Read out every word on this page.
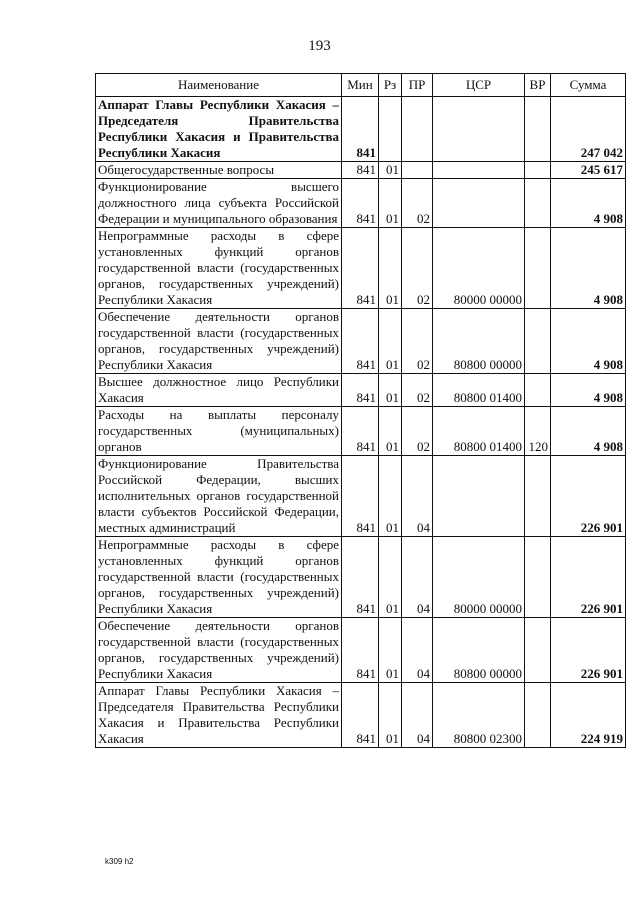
193
Наименование	Мин	Рз	ПР	ЦСР	ВР	Сумма
Аппарат Главы Республики Хакасия – Председателя Правительства Республики Хакасия и Правительства Республики Хакасия	841					247 042
Общегосударственные вопросы	841	01				245 617
Функционирование высшего должностного лица субъекта Российской Федерации и муниципального образования	841	01	02			4 908
Непрограммные расходы в сфере установленных функций органов государственной власти (государственных органов, государственных учреждений) Республики Хакасия	841	01	02	80000 00000		4 908
Обеспечение деятельности органов государственной власти (государственных органов, государственных учреждений) Республики Хакасия	841	01	02	80800 00000		4 908
Высшее должностное лицо Республики Хакасия	841	01	02	80800 01400		4 908
Расходы на выплаты персоналу государственных (муниципальных) органов	841	01	02	80800 01400	120	4 908
Функционирование Правительства Российской Федерации, высших исполнительных органов государственной власти субъектов Российской Федерации, местных администраций	841	01	04			226 901
Непрограммные расходы в сфере установленных функций органов государственной власти (государственных органов, государственных учреждений) Республики Хакасия	841	01	04	80000 00000		226 901
Обеспечение деятельности органов государственной власти (государственных органов, государственных учреждений) Республики Хакасия	841	01	04	80800 00000		226 901
Аппарат Главы Республики Хакасия – Председателя Правительства Республики Хакасия и Правительства Республики Хакасия	841	01	04	80800 02300		224 919
k309 h2
